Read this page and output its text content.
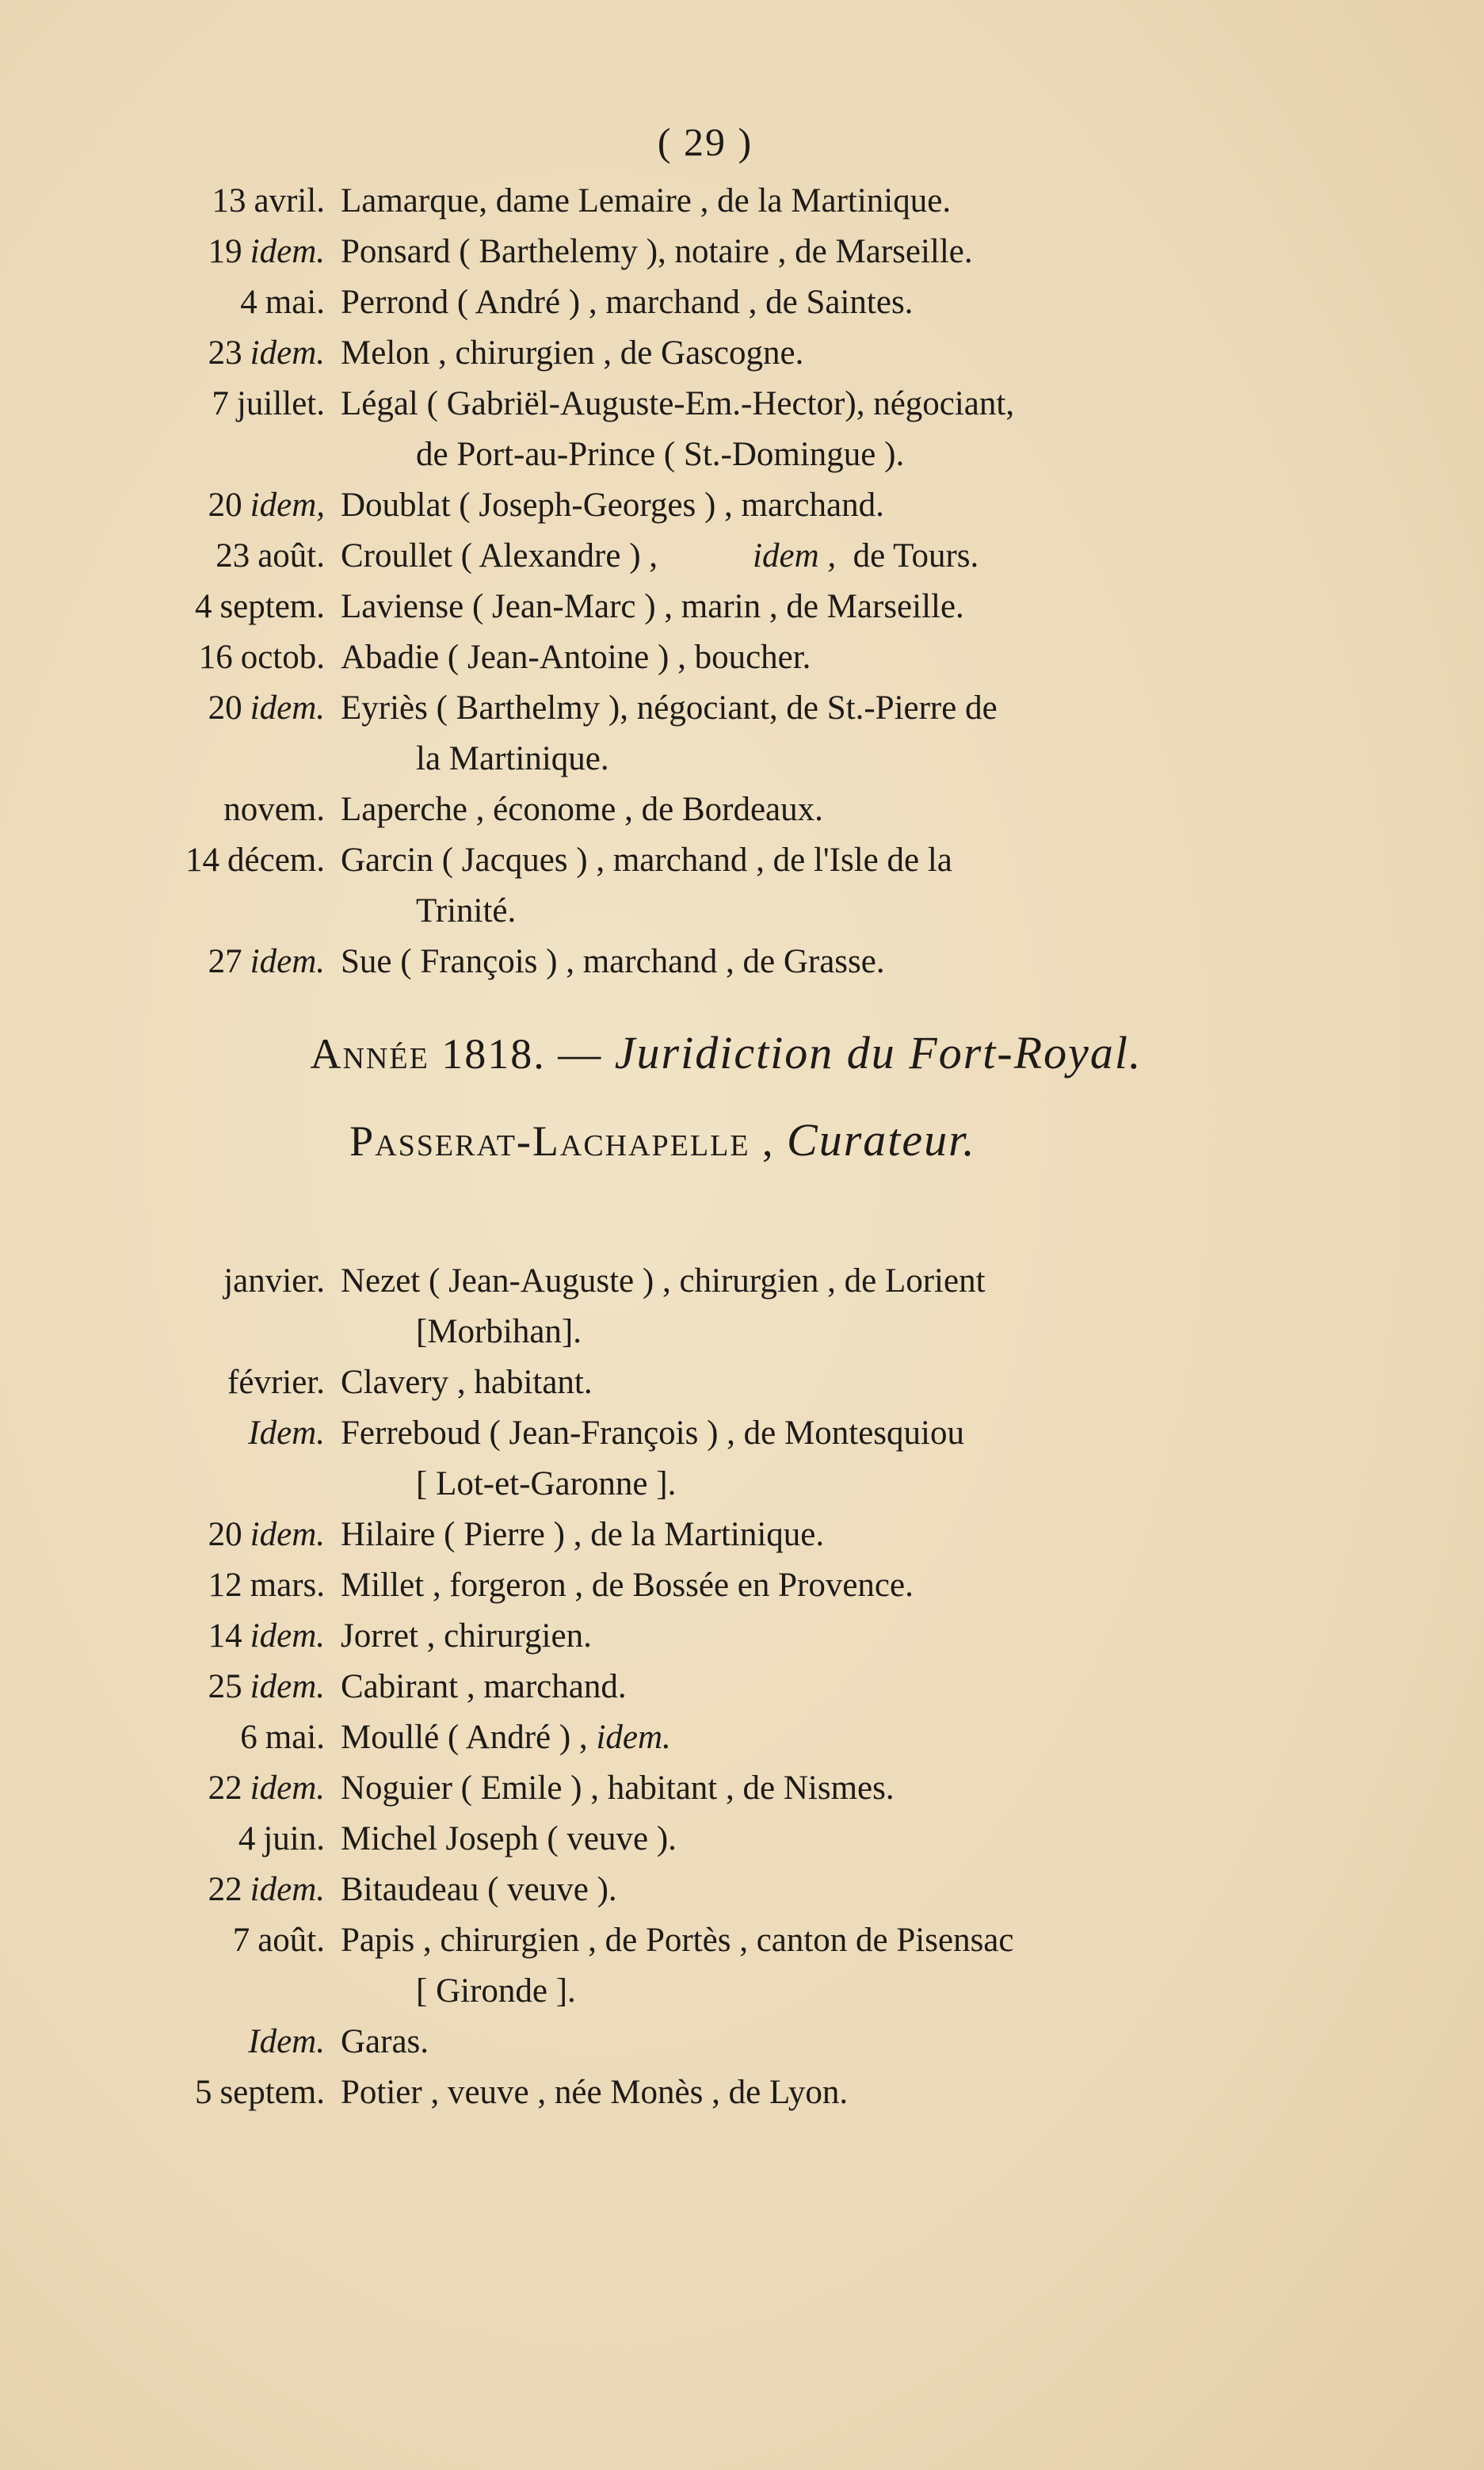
( 29 )
13 avril. Lamarque, dame Lemaire , de la Martinique.
19 idem. Ponsard ( Barthelemy ), notaire , de Marseille.
4 mai. Perrond ( André ) , marchand , de Saintes.
23 idem. Melon , chirurgien , de Gascogne.
7 juillet. Légal ( Gabriël-Auguste-Em.-Hector), négociant,
de Port-au-Prince ( St.-Domingue ).
20 idem, Doublat ( Joseph-Georges ) , marchand.
23 août. Croullet ( Alexandre ) ,	idem , de Tours.
4 septem. Laviense ( Jean-Marc ) , marin , de Marseille.
16 octob. Abadie ( Jean-Antoine ) , boucher.
20 idem. Eyriès ( Barthelmy ), négociant, de St.-Pierre de
la Martinique.
novem. Laperche , économe , de Bordeaux.
14 décem. Garcin ( Jacques ) , marchand , de l'Isle de la
Trinité.
27 idem. Sue ( François ) , marchand , de Grasse.
Année 1818. — Juridiction du Fort-Royal.
Passerat-Lachapelle , Curateur.
janvier. Nezet ( Jean-Auguste ) , chirurgien , de Lorient
[Morbihan].
février. Clavery , habitant.
Idem. Ferreboud ( Jean-François ) , de Montesquiou
[ Lot-et-Garonne ].
20 idem. Hilaire ( Pierre ) , de la Martinique.
12 mars. Millet , forgeron , de Bossée en Provence.
14 idem. Jorret , chirurgien.
25 idem. Cabirant , marchand.
6 mai. Moullé ( André ) , idem.
22 idem. Noguier ( Emile ) , habitant , de Nismes.
4 juin. Michel Joseph ( veuve ).
22 idem. Bitaudeau ( veuve ).
7 août. Papis , chirurgien , de Portès , canton de Pisensac
[ Gironde ].
Idem. Garas.
5 septem. Potier , veuve , née Monès , de Lyon.
